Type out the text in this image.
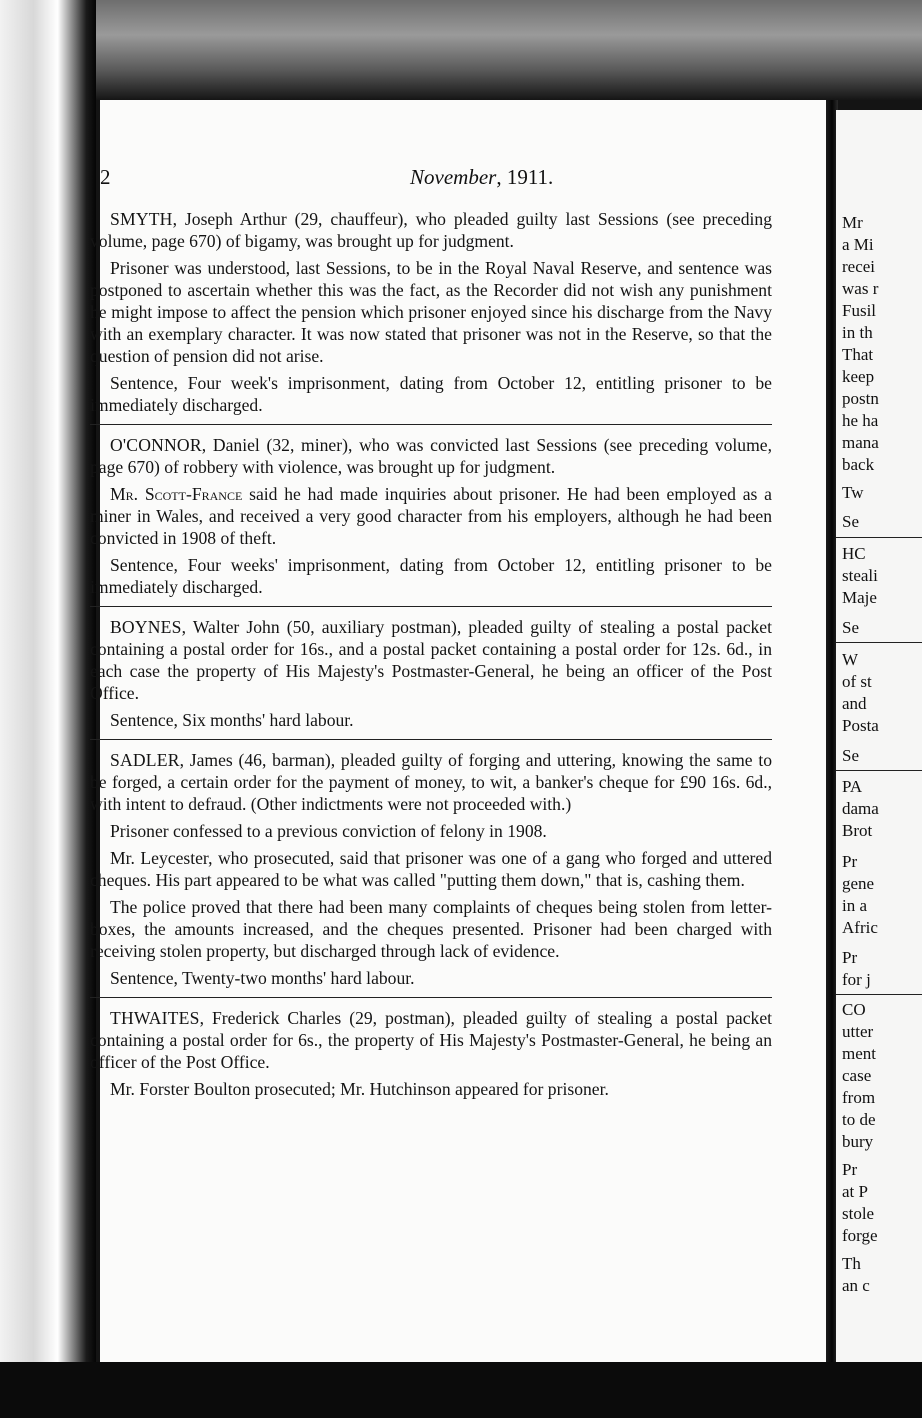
Mr
a Mi
recei
was r
Fusil
in th
That
keep
postn
he ha
mana
back
Tw
Se
HC
steali
Maje
Se
W
of st
and
Posta
Se
PA
dama
Brot
Pr
gene
in a
Afric
Pr
for j
CO
utter
ment
case
from
to de
bury
Pr
at P
stole
forge
Th
an c
2	November, 1911.

SMYTH, Joseph Arthur (29, chauffeur), who pleaded guilty last Sessions (see preceding volume, page 670) of bigamy, was brought up for judgment.

Prisoner was understood, last Sessions, to be in the Royal Naval Reserve, and sentence was postponed to ascertain whether this was the fact, as the Recorder did not wish any punishment he might impose to affect the pension which prisoner enjoyed since his discharge from the Navy with an exemplary character. It was now stated that prisoner was not in the Reserve, so that the question of pension did not arise.

Sentence, Four week's imprisonment, dating from October 12, entitling prisoner to be immediately discharged.

O'CONNOR, Daniel (32, miner), who was convicted last Sessions (see preceding volume, page 670) of robbery with violence, was brought up for judgment.

Mr. Scott-France said he had made inquiries about prisoner. He had been employed as a miner in Wales, and received a very good character from his employers, although he had been convicted in 1908 of theft.

Sentence, Four weeks' imprisonment, dating from October 12, entitling prisoner to be immediately discharged.

BOYNES, Walter John (50, auxiliary postman), pleaded guilty of stealing a postal packet containing a postal order for 16s., and a postal packet containing a postal order for 12s. 6d., in each case the property of His Majesty's Postmaster-General, he being an officer of the Post Office.

Sentence, Six months' hard labour.

SADLER, James (46, barman), pleaded guilty of forging and uttering, knowing the same to be forged, a certain order for the payment of money, to wit, a banker's cheque for £90 16s. 6d., with intent to defraud. (Other indictments were not proceeded with.)

Prisoner confessed to a previous conviction of felony in 1908.

Mr. Leycester, who prosecuted, said that prisoner was one of a gang who forged and uttered cheques. His part appeared to be what was called "putting them down," that is, cashing them.

The police proved that there had been many complaints of cheques being stolen from letter-boxes, the amounts increased, and the cheques presented. Prisoner had been charged with receiving stolen property, but discharged through lack of evidence.

Sentence, Twenty-two months' hard labour.

THWAITES, Frederick Charles (29, postman), pleaded guilty of stealing a postal packet containing a postal order for 6s., the property of His Majesty's Postmaster-General, he being an officer of the Post Office.

Mr. Forster Boulton prosecuted; Mr. Hutchinson appeared for prisoner.
